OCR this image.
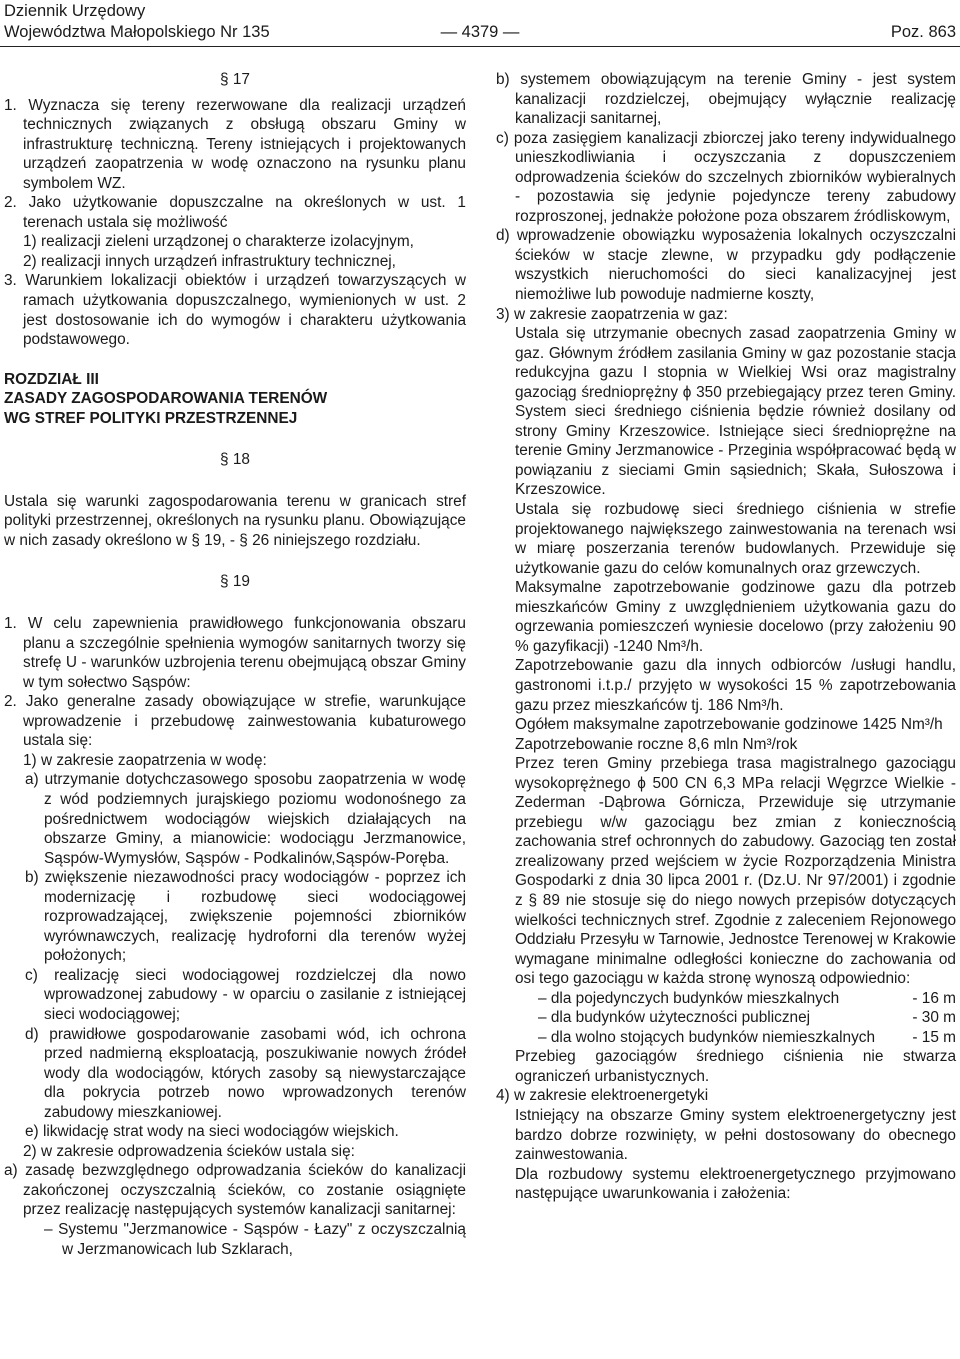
Dziennik Urzędowy
Województwa Małopolskiego Nr 135	— 4379 —	Poz. 863

§ 17

1. Wyznacza się tereny rezerwowane dla realizacji urządzeń technicznych związanych z obsługą obszaru Gminy w infrastrukturę techniczną. Tereny istniejących i projektowanych urządzeń zaopatrzenia w wodę oznaczono na rysunku planu symbolem WZ.

2. Jako użytkowanie dopuszczalne na określonych w ust. 1 terenach ustala się możliwość

1) realizacji zieleni urządzonej o charakterze izolacyjnym,

2) realizacji innych urządzeń infrastruktury technicznej,

3. Warunkiem lokalizacji obiektów i urządzeń towarzyszących w ramach użytkowania dopuszczalnego, wymienionych w ust. 2 jest dostosowanie ich do wymogów i charakteru użytkowania podstawowego.

ROZDZIAŁ III

ZASADY ZAGOSPODAROWANIA TERENÓW

WG STREF POLITYKI PRZESTRZENNEJ

§ 18

Ustala się warunki zagospodarowania terenu w granicach stref polityki przestrzennej, określonych na rysunku planu. Obowiązujące w nich zasady określono w § 19, - § 26 niniejszego rozdziału.

§ 19

1. W celu zapewnienia prawidłowego funkcjonowania obszaru planu a szczególnie spełnienia wymogów sanitarnych tworzy się strefę U - warunków uzbrojenia terenu obejmującą obszar Gminy w tym sołectwo Sąspów:

2. Jako generalne zasady obowiązujące w strefie, warunkujące wprowadzenie i przebudowę zainwestowania kubaturowego ustala się:

1) w zakresie zaopatrzenia w wodę:

a) utrzymanie dotychczasowego sposobu zaopatrzenia w wodę z wód podziemnych jurajskiego poziomu wodonośnego za pośrednictwem wodociągów wiejskich działających na obszarze Gminy, a mianowicie: wodociągu Jerzmanowice, Sąspów-Wymysłów, Sąspów - Podkalinów,Sąspów-Poręba.

b) zwiększenie niezawodności pracy wodociągów - poprzez ich modernizację i rozbudowę sieci wodociągowej rozprowadzającej, zwiększenie pojemności zbiorników wyrównawczych, realizację hydroforni dla terenów wyżej położonych;

c) realizację sieci wodociągowej rozdzielczej dla nowo wprowadzonej zabudowy - w oparciu o zasilanie z istniejącej sieci wodociągowej;

d) prawidłowe gospodarowanie zasobami wód, ich ochrona przed nadmierną eksploatacją, poszukiwanie nowych źródeł wody dla wodociągów, których zasoby są niewystarczające dla pokrycia potrzeb nowo wprowadzonych terenów zabudowy mieszkaniowej.

e) likwidację strat wody na sieci wodociągów wiejskich.

2) w zakresie odprowadzenia ścieków ustala się:

a) zasadę bezwzględnego odprowadzania ścieków do kanalizacji zakończonej oczyszczalnią ścieków, co zostanie osiągnięte przez realizację następujących systemów kanalizacji sanitarnej:

– Systemu "Jerzmanowice - Sąspów - Łazy" z oczyszczalnią w Jerzmanowicach lub Szklarach,

b) systemem obowiązującym na terenie Gminy - jest system kanalizacji rozdzielczej, obejmujący wyłącznie realizację kanalizacji sanitarnej,

c) poza zasięgiem kanalizacji zbiorczej jako tereny indywidualnego unieszkodliwiania i oczyszczania z dopuszczeniem odprowadzenia ścieków do szczelnych zbiorników wybieralnych - pozostawia się jedynie pojedyncze tereny zabudowy rozproszonej, jednakże położone poza obszarem źródliskowym,

d) wprowadzenie obowiązku wyposażenia lokalnych oczyszczalni ścieków w stacje zlewne, w przypadku gdy podłączenie wszystkich nieruchomości do sieci kanalizacyjnej jest niemożliwe lub powoduje nadmierne koszty,

3) w zakresie zaopatrzenia w gaz:

Ustala się utrzymanie obecnych zasad zaopatrzenia Gminy w gaz. Głównym źródłem zasilania Gminy w gaz pozostanie stacja redukcyjna gazu I stopnia w Wielkiej Wsi oraz magistralny gazociąg średnioprężny ϕ 350 przebiegający przez teren Gminy. System sieci średniego ciśnienia będzie również dosilany od strony Gminy Krzeszowice. Istniejące sieci średnioprężne na terenie Gminy Jerzmanowice - Przeginia współpracować będą w powiązaniu z sieciami Gmin sąsiednich; Skała, Sułoszowa i Krzeszowice.

Ustala się rozbudowę sieci średniego ciśnienia w strefie projektowanego największego zainwestowania na terenach wsi w miarę poszerzania terenów budowlanych. Przewiduje się użytkowanie gazu do celów komunalnych oraz grzewczych.

Maksymalne zapotrzebowanie godzinowe gazu dla potrzeb mieszkańców Gminy z uwzględnieniem użytkowania gazu do ogrzewania pomieszczeń wyniesie docelowo (przy założeniu 90 % gazyfikacji) -1240 Nm³/h.

Zapotrzebowanie gazu dla innych odbiorców /usługi handlu, gastronomi i.t.p./ przyjęto w wysokości 15 % zapotrzebowania gazu przez mieszkańców tj. 186 Nm³/h.

Ogółem maksymalne zapotrzebowanie godzinowe 1425 Nm³/h

Zapotrzebowanie roczne 8,6 mln Nm³/rok

Przez teren Gminy przebiega trasa magistralnego gazociągu wysokoprężnego ϕ 500 CN 6,3 MPa relacji Węgrzce Wielkie - Zederman -Dąbrowa Górnicza, Przewiduje się utrzymanie przebiegu w/w gazociągu bez zmian z koniecznością zachowania stref ochronnych do zabudowy. Gazociąg ten został zrealizowany przed wejściem w życie Rozporządzenia Ministra Gospodarki z dnia 30 lipca 2001 r. (Dz.U. Nr 97/2001) i zgodnie z § 89 nie stosuje się do niego nowych przepisów dotyczących wielkości technicznych stref. Zgodnie z zaleceniem Rejonowego Oddziału Przesyłu w Tarnowie, Jednostce Terenowej w Krakowie wymagane minimalne odległości konieczne do zachowania od osi tego gazociągu w każda stronę wynoszą odpowiednio:

– dla pojedynczych budynków mieszkalnych	- 16 m
– dla budynków użyteczności publicznej	- 30 m
– dla wolno stojących budynków niemieszkalnych - 15 m

Przebieg gazociągów średniego ciśnienia nie stwarza ograniczeń urbanistycznych.

4) w zakresie elektroenergetyki

Istniejący na obszarze Gminy system elektroenergetyczny jest bardzo dobrze rozwinięty, w pełni dostosowany do obecnego zainwestowania.

Dla rozbudowy systemu elektroenergetycznego przyjmowano następujące uwarunkowania i założenia:
